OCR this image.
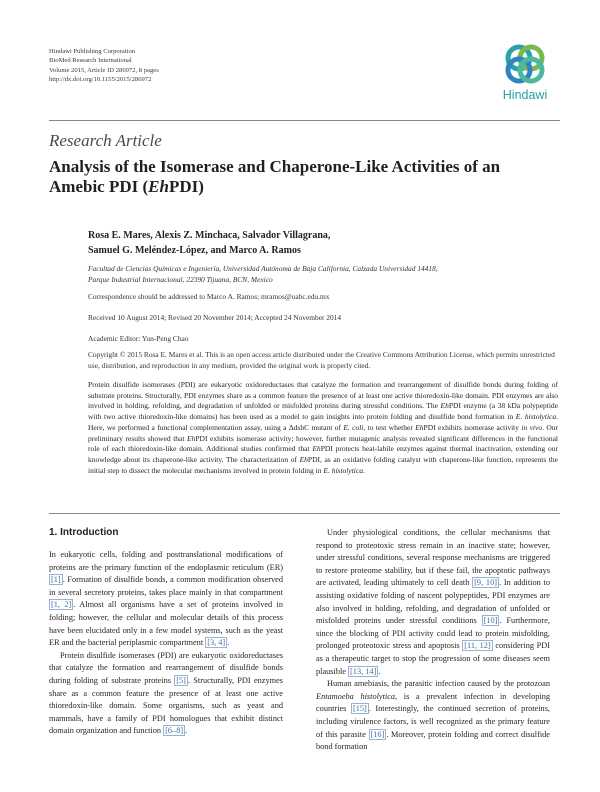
Hindawi Publishing Corporation
BioMed Research International
Volume 2015, Article ID 286972, 8 pages
http://dx.doi.org/10.1155/2015/286972
Hindawi
Research Article
Analysis of the Isomerase and Chaperone-Like Activities of an Amebic PDI (EhPDI)
Rosa E. Mares, Alexis Z. Minchaca, Salvador Villagrana,
Samuel G. Meléndez-López, and Marco A. Ramos
Facultad de Ciencias Químicas e Ingeniería, Universidad Autónoma de Baja California, Calzada Universidad 14418,
Parque Industrial Internacional, 22390 Tijuana, BCN, Mexico
Correspondence should be addressed to Marco A. Ramos; mramos@uabc.edu.mx
Received 10 August 2014; Revised 20 November 2014; Accepted 24 November 2014
Academic Editor: Yun-Peng Chao
Copyright © 2015 Rosa E. Mares et al. This is an open access article distributed under the Creative Commons Attribution License, which permits unrestricted use, distribution, and reproduction in any medium, provided the original work is properly cited.
Protein disulfide isomerases (PDI) are eukaryotic oxidoreductases that catalyze the formation and rearrangement of disulfide bonds during folding of substrate proteins. Structurally, PDI enzymes share as a common feature the presence of at least one active thioredoxin-like domain. PDI enzymes are also involved in holding, refolding, and degradation of unfolded or misfolded proteins during stressful conditions. The EhPDI enzyme (a 38 kDa polypeptide with two active thioredoxin-like domains) has been used as a model to gain insights into protein folding and disulfide bond formation in E. histolytica. Here, we performed a functional complementation assay, using a ΔdsbC mutant of E. coli, to test whether EhPDI exhibits isomerase activity in vivo. Our preliminary results showed that EhPDI exhibits isomerase activity; however, further mutagenic analysis revealed significant differences in the functional role of each thioredoxin-like domain. Additional studies confirmed that EhPDI protects heat-labile enzymes against thermal inactivation, extending our knowledge about its chaperone-like activity. The characterization of EhPDI, as an oxidative folding catalyst with chaperone-like function, represents the initial step to dissect the molecular mechanisms involved in protein folding in E. histolytica.
1. Introduction

In eukaryotic cells, folding and posttranslational modifications of proteins are the primary function of the endoplasmic reticulum (ER) [1] . Formation of disulfide bonds, a common modification observed in several secretory proteins, takes place mainly in that compartment [1, 2] . Almost all organisms have a set of proteins involved in folding; however, the cellular and molecular details of this process have been elucidated only in a few model systems, such as the yeast ER and the bacterial periplasmic compartment [3, 4] .

Protein disulfide isomerases (PDI) are eukaryotic oxidoreductases that catalyze the formation and rearrangement of disulfide bonds during folding of substrate proteins [5] . Structurally, PDI enzymes share as a common feature the presence of at least one active thioredoxin-like domain. Some organisms, such as yeast and mammals, have a family of PDI homologues that exhibit distinct domain organization and function [6–8] .

Under physiological conditions, the cellular mechanisms that respond to proteotoxic stress remain in an inactive state; however, under stressful conditions, several response mechanisms are triggered to restore proteome stability, but if these fail, the apoptotic pathways are activated, leading ultimately to cell death [9, 10] . In addition to assisting oxidative folding of nascent polypeptides, PDI enzymes are also involved in holding, refolding, and degradation of unfolded or misfolded proteins under stressful conditions [10] . Furthermore, since the blocking of PDI activity could lead to protein misfolding, prolonged proteotoxic stress and apoptosis [11, 12] considering PDI as a therapeutic target to stop the progression of some diseases seem plausible [13, 14] .

Human amebiasis, the parasitic infection caused by the protozoan Entamoeba histolytica, is a prevalent infection in developing countries [15] . Interestingly, the continued secretion of proteins, including virulence factors, is well recognized as the primary feature of this parasite [16] . Moreover, protein folding and correct disulfide bond formation
